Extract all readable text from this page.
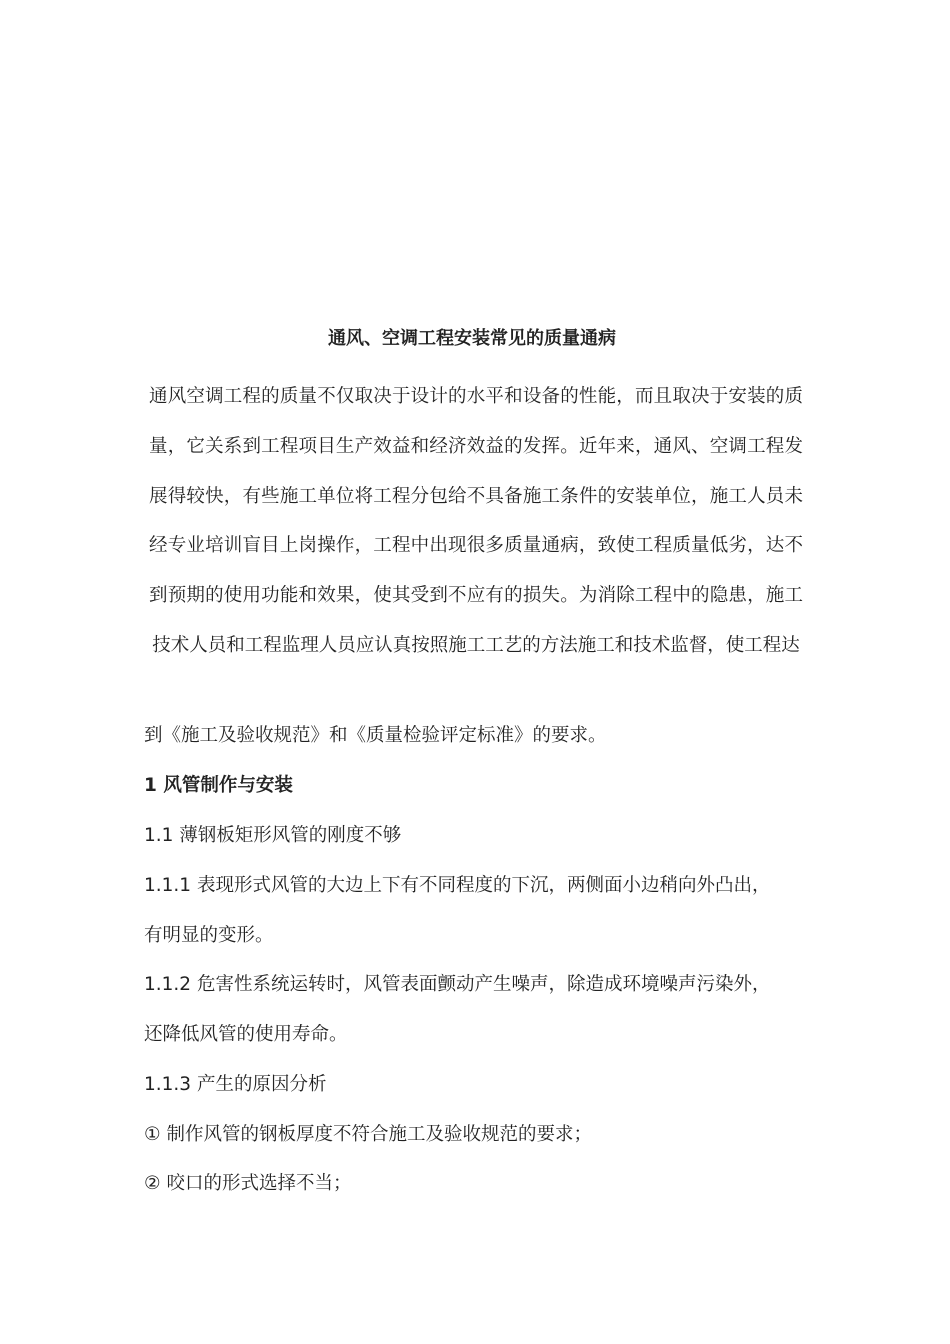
通风、空调工程安装常见的质量通病
通风空调工程的质量不仅取决于设计的水平和设备的性能，而且取决于安装的质量，它关系到工程项目生产效益和经济效益的发挥。近年来，通风、空调工程发展得较快，有些施工单位将工程分包给不具备施工条件的安装单位，施工人员未经专业培训盲目上岗操作，工程中出现很多质量通病，致使工程质量低劣，达不到预期的使用功能和效果，使其受到不应有的损失。为消除工程中的隐患，施工技术人员和工程监理人员应认真按照施工工艺的方法施工和技术监督，使工程达
到《施工及验收规范》和《质量检验评定标准》的要求。
1 风管制作与安装
1.1 薄钢板矩形风管的刚度不够
1.1.1 表现形式风管的大边上下有不同程度的下沉，两侧面小边稍向外凸出，
有明显的变形。
1.1.2 危害性系统运转时，风管表面颤动产生噪声，除造成环境噪声污染外，
还降低风管的使用寿命。
1.1.3 产生的原因分析
① 制作风管的钢板厚度不符合施工及验收规范的要求；
② 咬口的形式选择不当；
